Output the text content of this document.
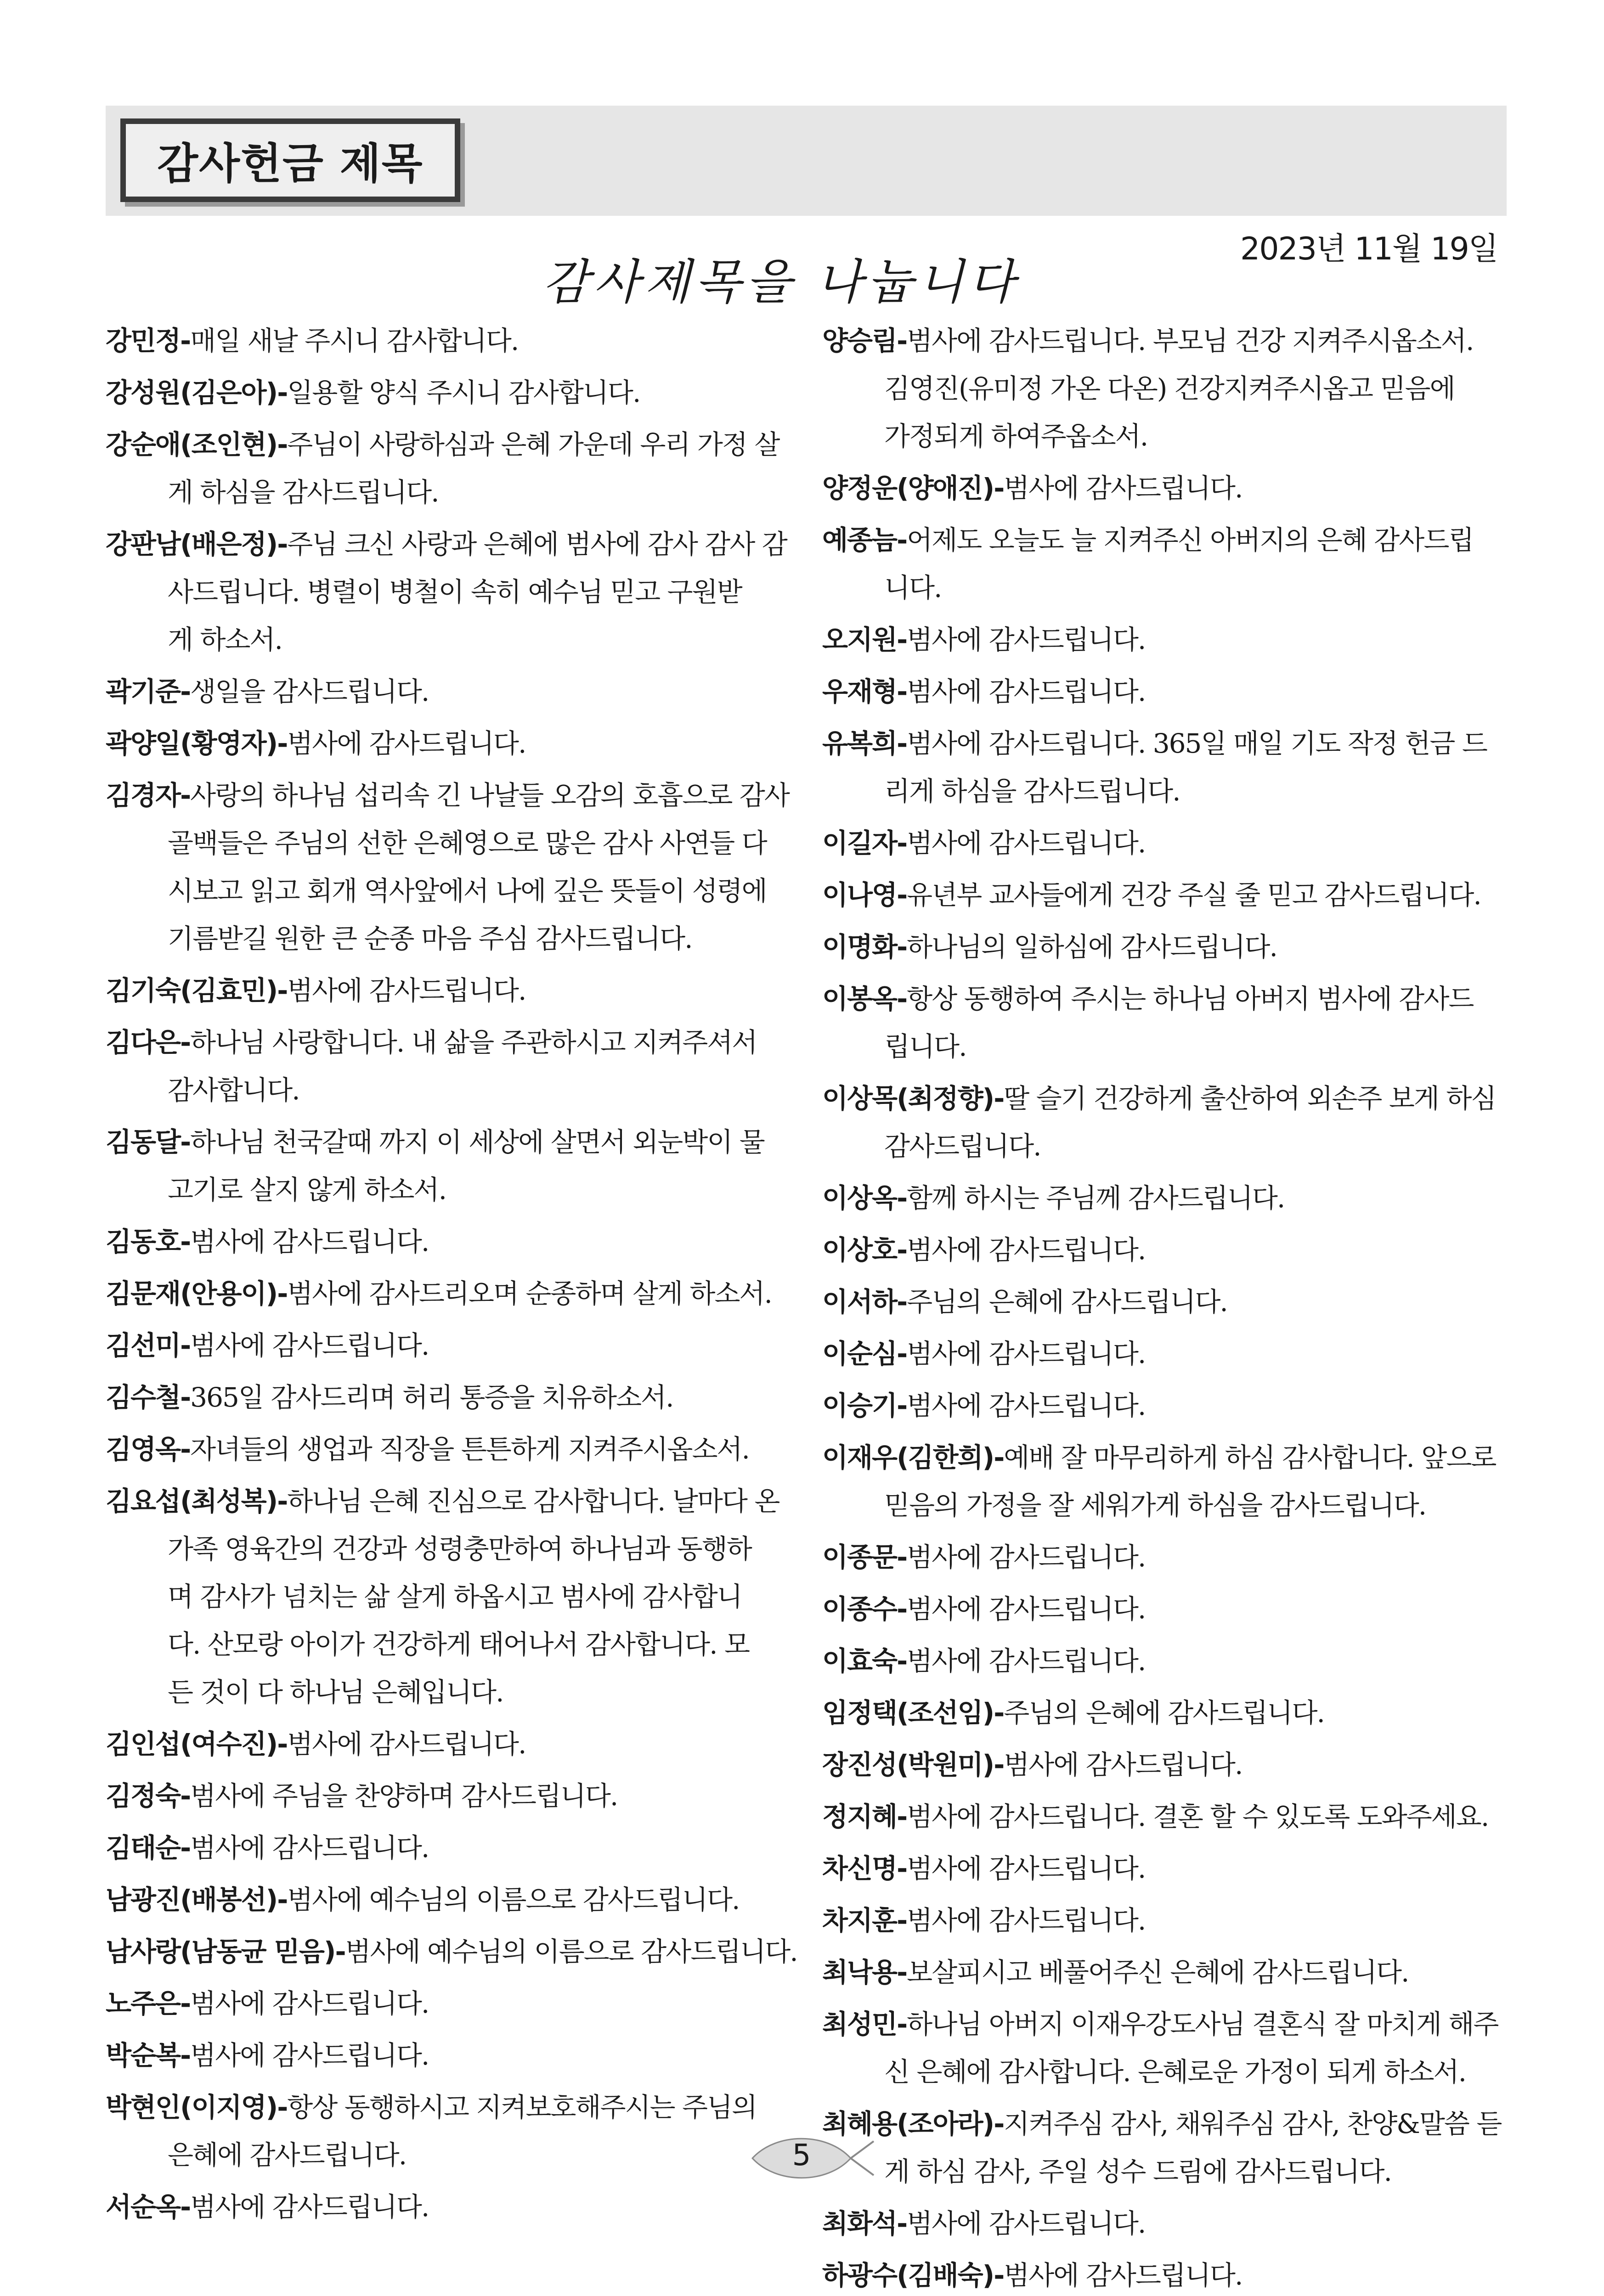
감사헌금 제목
2023년 11월 19일
감사제목을 나눕니다
강민정-매일 새날 주시니 감사합니다.
강성원(김은아)-일용할 양식 주시니 감사합니다.
강순애(조인현)-주님이 사랑하심과 은혜 가운데 우리 가정 살
게 하심을 감사드립니다.
강판남(배은정)-주님 크신 사랑과 은혜에 범사에 감사 감사 감
사드립니다. 병렬이 병철이 속히 예수님 믿고 구원받
게 하소서.
곽기준-생일을 감사드립니다.
곽양일(황영자)-범사에 감사드립니다.
김경자-사랑의 하나님 섭리속 긴 나날들 오감의 호흡으로 감사
골백들은 주님의 선한 은혜영으로 많은 감사 사연들 다
시보고 읽고 회개 역사앞에서 나에 깊은 뜻들이 성령에
기름받길 원한 큰 순종 마음 주심 감사드립니다.
김기숙(김효민)-범사에 감사드립니다.
김다은-하나님 사랑합니다. 내 삶을 주관하시고 지켜주셔서
감사합니다.
김동달-하나님 천국갈때 까지 이 세상에 살면서 외눈박이 물
고기로 살지 않게 하소서.
김동호-범사에 감사드립니다.
김문재(안용이)-범사에 감사드리오며 순종하며 살게 하소서.
김선미-범사에 감사드립니다.
김수철-365일 감사드리며 허리 통증을 치유하소서.
김영옥-자녀들의 생업과 직장을 튼튼하게 지켜주시옵소서.
김요섭(최성복)-하나님 은혜 진심으로 감사합니다. 날마다 온
가족 영육간의 건강과 성령충만하여 하나님과 동행하
며 감사가 넘치는 삶 살게 하옵시고 범사에 감사합니
다. 산모랑 아이가 건강하게 태어나서 감사합니다. 모
든 것이 다 하나님 은혜입니다.
김인섭(여수진)-범사에 감사드립니다.
김정숙-범사에 주님을 찬양하며 감사드립니다.
김태순-범사에 감사드립니다.
남광진(배봉선)-범사에 예수님의 이름으로 감사드립니다.
남사랑(남동균 믿음)-범사에 예수님의 이름으로 감사드립니다.
노주은-범사에 감사드립니다.
박순복-범사에 감사드립니다.
박현인(이지영)-항상 동행하시고 지켜보호해주시는 주님의
은혜에 감사드립니다.
서순옥-범사에 감사드립니다.
양승림-범사에 감사드립니다. 부모님 건강 지켜주시옵소서.
김영진(유미정 가온 다온) 건강지켜주시옵고 믿음에
가정되게 하여주옵소서.
양정운(양애진)-범사에 감사드립니다.
예종늠-어제도 오늘도 늘 지켜주신 아버지의 은혜 감사드립
니다.
오지원-범사에 감사드립니다.
우재형-범사에 감사드립니다.
유복희-범사에 감사드립니다. 365일 매일 기도 작정 헌금 드
리게 하심을 감사드립니다.
이길자-범사에 감사드립니다.
이나영-유년부 교사들에게 건강 주실 줄 믿고 감사드립니다.
이명화-하나님의 일하심에 감사드립니다.
이봉옥-항상 동행하여 주시는 하나님 아버지 범사에 감사드
립니다.
이상목(최정향)-딸 슬기 건강하게 출산하여 외손주 보게 하심
감사드립니다.
이상옥-함께 하시는 주님께 감사드립니다.
이상호-범사에 감사드립니다.
이서하-주님의 은혜에 감사드립니다.
이순심-범사에 감사드립니다.
이승기-범사에 감사드립니다.
이재우(김한희)-예배 잘 마무리하게 하심 감사합니다. 앞으로
믿음의 가정을 잘 세워가게 하심을 감사드립니다.
이종문-범사에 감사드립니다.
이종수-범사에 감사드립니다.
이효숙-범사에 감사드립니다.
임정택(조선임)-주님의 은혜에 감사드립니다.
장진성(박원미)-범사에 감사드립니다.
정지혜-범사에 감사드립니다. 결혼 할 수 있도록 도와주세요.
차신명-범사에 감사드립니다.
차지훈-범사에 감사드립니다.
최낙용-보살피시고 베풀어주신 은혜에 감사드립니다.
최성민-하나님 아버지 이재우강도사님 결혼식 잘 마치게 해주
신 은혜에 감사합니다. 은혜로운 가정이 되게 하소서.
최혜용(조아라)-지켜주심 감사, 채워주심 감사, 찬양&말씀 듣
게 하심 감사, 주일 성수 드림에 감사드립니다.
최화석-범사에 감사드립니다.
하광수(김배숙)-범사에 감사드립니다.
5
